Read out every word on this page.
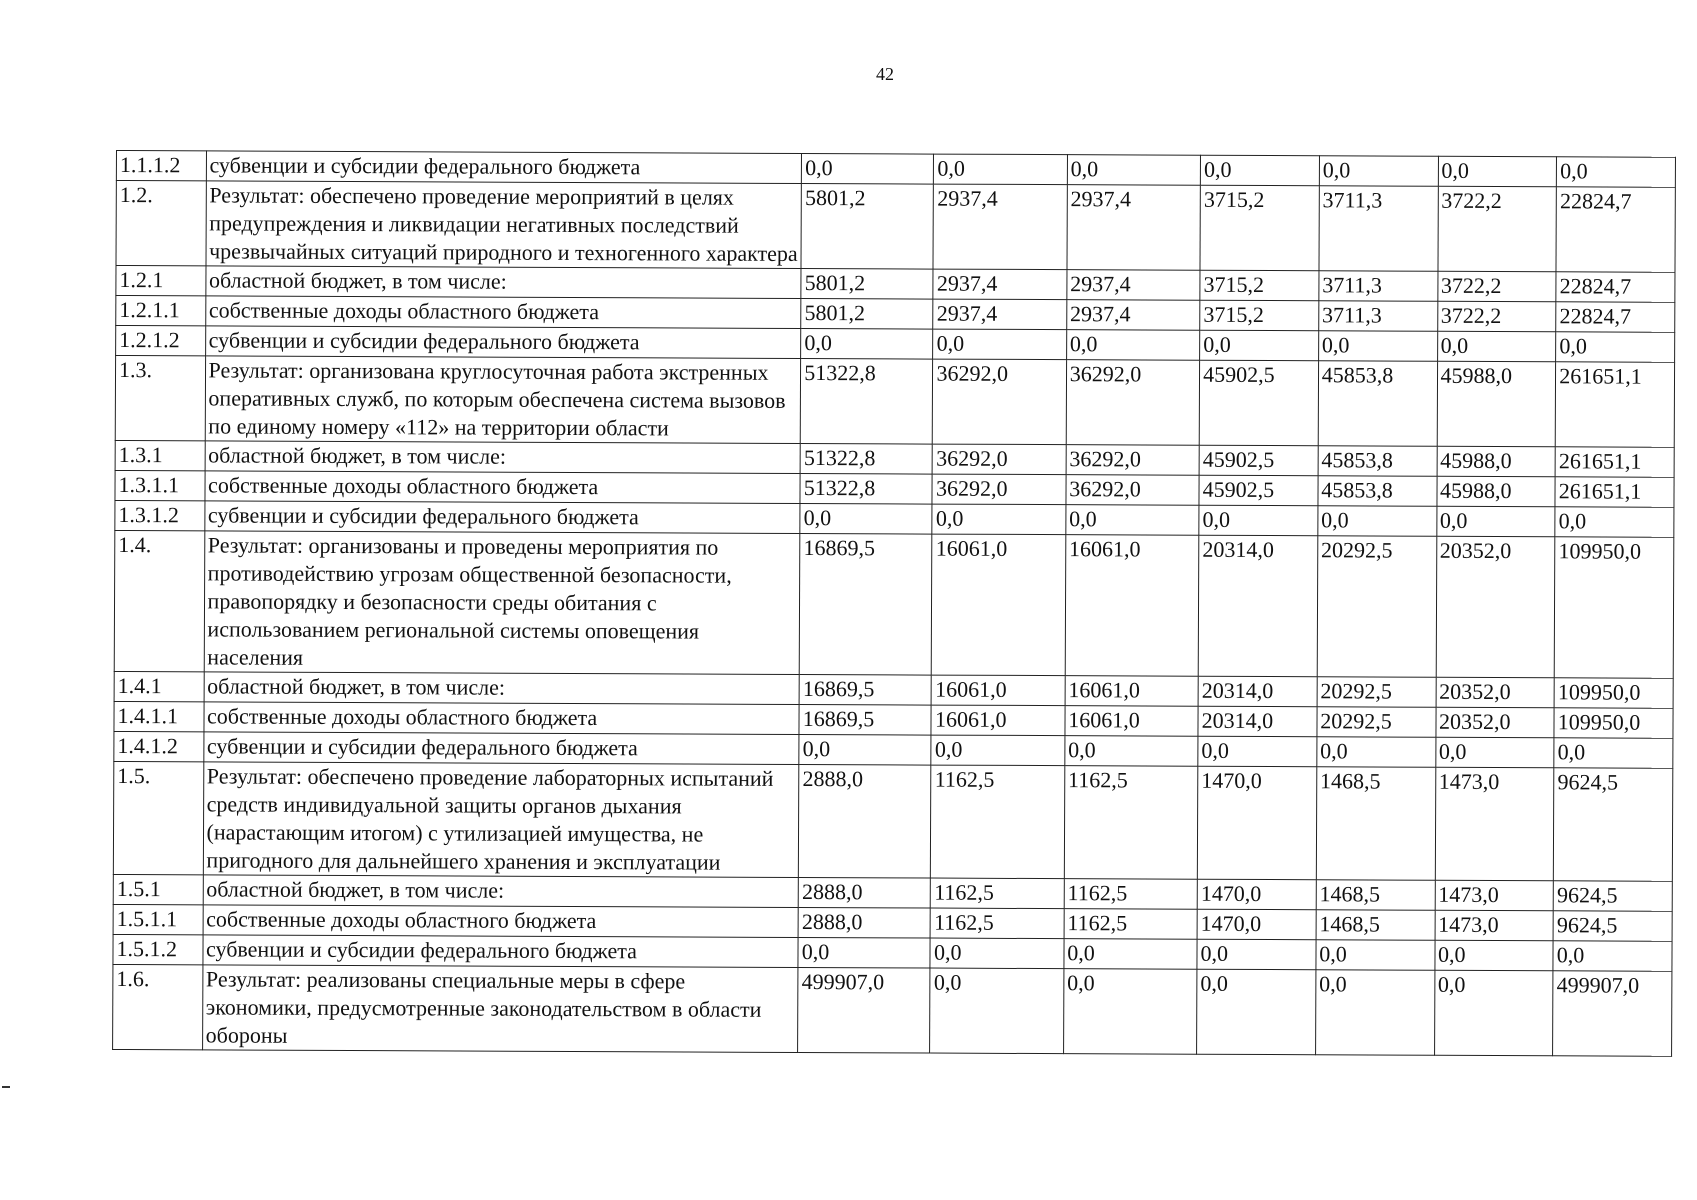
42
1.1.1.2	субвенции и субсидии федерального бюджета	0,0	0,0	0,0	0,0	0,0	0,0	0,0
1.2.	Результат: обеспечено проведение мероприятий в целях предупреждения и ликвидации негативных последствий чрезвычайных ситуаций природного и техногенного характера	5801,2	2937,4	2937,4	3715,2	3711,3	3722,2	22824,7
1.2.1	областной бюджет, в том числе:	5801,2	2937,4	2937,4	3715,2	3711,3	3722,2	22824,7
1.2.1.1	собственные доходы областного бюджета	5801,2	2937,4	2937,4	3715,2	3711,3	3722,2	22824,7
1.2.1.2	субвенции и субсидии федерального бюджета	0,0	0,0	0,0	0,0	0,0	0,0	0,0
1.3.	Результат: организована круглосуточная работа экстренных оперативных служб, по которым обеспечена система вызовов по единому номеру «112» на территории области	51322,8	36292,0	36292,0	45902,5	45853,8	45988,0	261651,1
1.3.1	областной бюджет, в том числе:	51322,8	36292,0	36292,0	45902,5	45853,8	45988,0	261651,1
1.3.1.1	собственные доходы областного бюджета	51322,8	36292,0	36292,0	45902,5	45853,8	45988,0	261651,1
1.3.1.2	субвенции и субсидии федерального бюджета	0,0	0,0	0,0	0,0	0,0	0,0	0,0
1.4.	Результат: организованы и проведены мероприятия по противодействию угрозам общественной безопасности, правопорядку и безопасности среды обитания с использованием региональной системы оповещения населения	16869,5	16061,0	16061,0	20314,0	20292,5	20352,0	109950,0
1.4.1	областной бюджет, в том числе:	16869,5	16061,0	16061,0	20314,0	20292,5	20352,0	109950,0
1.4.1.1	собственные доходы областного бюджета	16869,5	16061,0	16061,0	20314,0	20292,5	20352,0	109950,0
1.4.1.2	субвенции и субсидии федерального бюджета	0,0	0,0	0,0	0,0	0,0	0,0	0,0
1.5.	Результат: обеспечено проведение лабораторных испытаний средств индивидуальной защиты органов дыхания (нарастающим итогом) с утилизацией имущества, не пригодного для дальнейшего хранения и эксплуатации	2888,0	1162,5	1162,5	1470,0	1468,5	1473,0	9624,5
1.5.1	областной бюджет, в том числе:	2888,0	1162,5	1162,5	1470,0	1468,5	1473,0	9624,5
1.5.1.1	собственные доходы областного бюджета	2888,0	1162,5	1162,5	1470,0	1468,5	1473,0	9624,5
1.5.1.2	субвенции и субсидии федерального бюджета	0,0	0,0	0,0	0,0	0,0	0,0	0,0
1.6.	Результат: реализованы специальные меры в сфере экономики, предусмотренные законодательством в области обороны	499907,0	0,0	0,0	0,0	0,0	0,0	499907,0
